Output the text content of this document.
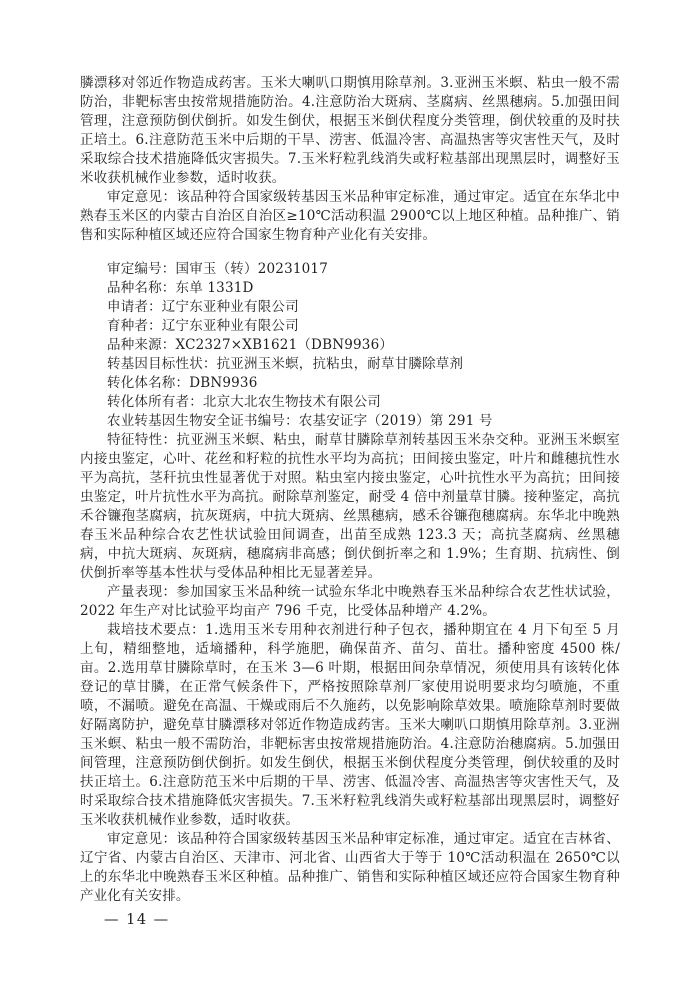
膦漂移对邻近作物造成药害。玉米大喇叭口期慎用除草剂。3.亚洲玉米螟、粘虫一般不需防治，非靶标害虫按常规措施防治。4.注意防治大斑病、茎腐病、丝黑穗病。5.加强田间管理，注意预防倒伏倒折。如发生倒伏，根据玉米倒伏程度分类管理，倒伏较重的及时扶正培土。6.注意防范玉米中后期的干旱、涝害、低温冷害、高温热害等灾害性天气，及时采取综合技术措施降低灾害损失。7.玉米籽粒乳线消失或籽粒基部出现黑层时，调整好玉米收获机械作业参数，适时收获。

审定意见：该品种符合国家级转基因玉米品种审定标准，通过审定。适宜在东华北中熟春玉米区的内蒙古自治区自治区≥10℃活动积温 2900℃以上地区种植。品种推广、销售和实际种植区域还应符合国家生物育种产业化有关安排。

审定编号：国审玉（转）20231017

品种名称：东单 1331D

申请者：辽宁东亚种业有限公司

育种者：辽宁东亚种业有限公司

品种来源：XC2327×XB1621（DBN9936）

转基因目标性状：抗亚洲玉米螟，抗粘虫，耐草甘膦除草剂

转化体名称：DBN9936

转化体所有者：北京大北农生物技术有限公司

农业转基因生物安全证书编号：农基安证字（2019）第 291 号

特征特性：抗亚洲玉米螟、粘虫，耐草甘膦除草剂转基因玉米杂交种。亚洲玉米螟室内接虫鉴定，心叶、花丝和籽粒的抗性水平均为高抗；田间接虫鉴定，叶片和雌穗抗性水平为高抗，茎秆抗虫性显著优于对照。粘虫室内接虫鉴定，心叶抗性水平为高抗；田间接虫鉴定，叶片抗性水平为高抗。耐除草剂鉴定，耐受 4 倍中剂量草甘膦。接种鉴定，高抗禾谷镰孢茎腐病，抗灰斑病，中抗大斑病、丝黑穗病，感禾谷镰孢穗腐病。东华北中晚熟春玉米品种综合农艺性状试验田间调查，出苗至成熟 123.3 天；高抗茎腐病、丝黑穗病，中抗大斑病、灰斑病，穗腐病非高感；倒伏倒折率之和 1.9%；生育期、抗病性、倒伏倒折率等基本性状与受体品种相比无显著差异。

产量表现：参加国家玉米品种统一试验东华北中晚熟春玉米品种综合农艺性状试验，2022 年生产对比试验平均亩产 796 千克，比受体品种增产 4.2%。

栽培技术要点：1.选用玉米专用种衣剂进行种子包衣，播种期宜在 4 月下旬至 5 月上旬，精细整地，适墒播种，科学施肥，确保苗齐、苗匀、苗壮。播种密度 4500 株/亩。2.选用草甘膦除草时，在玉米 3—6 叶期，根据田间杂草情况，须使用具有该转化体登记的草甘膦，在正常气候条件下，严格按照除草剂厂家使用说明要求均匀喷施，不重喷，不漏喷。避免在高温、干燥或雨后不久施药，以免影响除草效果。喷施除草剂时要做好隔离防护，避免草甘膦漂移对邻近作物造成药害。玉米大喇叭口期慎用除草剂。3.亚洲玉米螟、粘虫一般不需防治，非靶标害虫按常规措施防治。4.注意防治穗腐病。5.加强田间管理，注意预防倒伏倒折。如发生倒伏，根据玉米倒伏程度分类管理，倒伏较重的及时扶正培土。6.注意防范玉米中后期的干旱、涝害、低温冷害、高温热害等灾害性天气，及时采取综合技术措施降低灾害损失。7.玉米籽粒乳线消失或籽粒基部出现黑层时，调整好玉米收获机械作业参数，适时收获。

审定意见：该品种符合国家级转基因玉米品种审定标准，通过审定。适宜在吉林省、辽宁省、内蒙古自治区、天津市、河北省、山西省大于等于 10℃活动积温在 2650℃以上的东华北中晚熟春玉米区种植。品种推广、销售和实际种植区域还应符合国家生物育种产业化有关安排。

— 14 —
